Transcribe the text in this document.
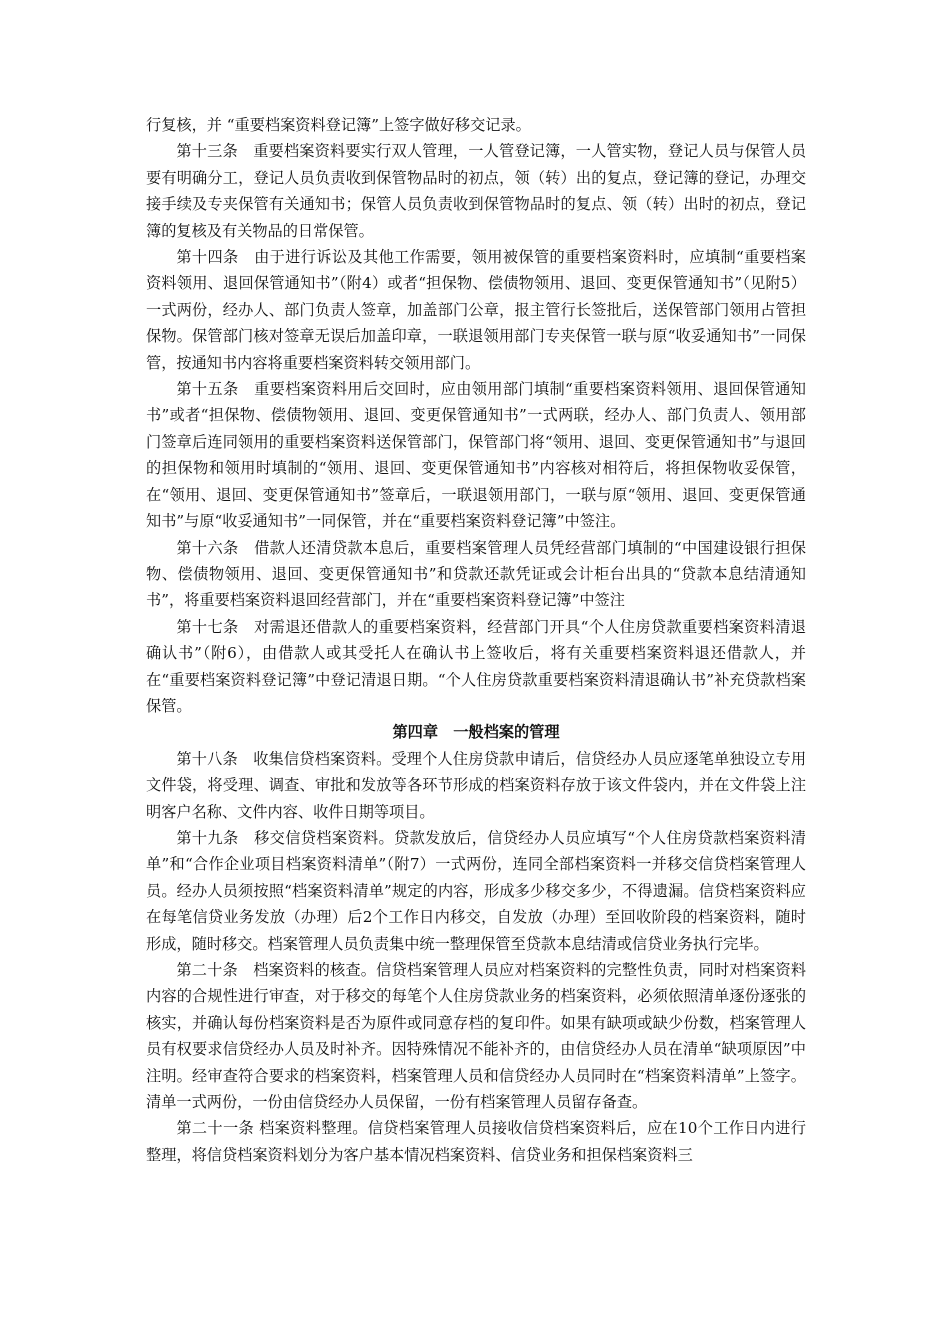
行复核，并 “重要档案资料登记簿”上签字做好移交记录。

第十三条　重要档案资料要实行双人管理，一人管登记簿，一人管实物，登记人员与保管人员要有明确分工，登记人员负责收到保管物品时的初点，领（转）出的复点，登记簿的登记，办理交接手续及专夹保管有关通知书；保管人员负责收到保管物品时的复点、领（转）出时的初点，登记簿的复核及有关物品的日常保管。

第十四条　由于进行诉讼及其他工作需要，领用被保管的重要档案资料时，应填制“重要档案资料领用、退回保管通知书”（附4）或者“担保物、偿债物领用、退回、变更保管通知书”（见附5）一式两份，经办人、部门负责人签章，加盖部门公章，报主管行长签批后，送保管部门领用占管担保物。保管部门核对签章无误后加盖印章，一联退领用部门专夹保管一联与原“收妥通知书”一同保管，按通知书内容将重要档案资料转交领用部门。

第十五条　重要档案资料用后交回时，应由领用部门填制“重要档案资料领用、退回保管通知书”或者“担保物、偿债物领用、退回、变更保管通知书”一式两联，经办人、部门负责人、领用部门签章后连同领用的重要档案资料送保管部门，保管部门将“领用、退回、变更保管通知书”与退回的担保物和领用时填制的“领用、退回、变更保管通知书”内容核对相符后，将担保物收妥保管，在“领用、退回、变更保管通知书”签章后，一联退领用部门，一联与原“领用、退回、变更保管通知书”与原“收妥通知书”一同保管，并在“重要档案资料登记簿”中签注。

第十六条　借款人还清贷款本息后，重要档案管理人员凭经营部门填制的“中国建设银行担保物、偿债物领用、退回、变更保管通知书”和贷款还款凭证或会计柜台出具的“贷款本息结清通知书”，将重要档案资料退回经营部门，并在“重要档案资料登记簿”中签注

第十七条　对需退还借款人的重要档案资料，经营部门开具“个人住房贷款重要档案资料清退确认书”（附6），由借款人或其受托人在确认书上签收后，将有关重要档案资料退还借款人，并在“重要档案资料登记簿”中登记清退日期。“个人住房贷款重要档案资料清退确认书”补充贷款档案保管。

第四章　一般档案的管理

第十八条　收集信贷档案资料。受理个人住房贷款申请后，信贷经办人员应逐笔单独设立专用文件袋，将受理、调查、审批和发放等各环节形成的档案资料存放于该文件袋内，并在文件袋上注明客户名称、文件内容、收件日期等项目。

第十九条　移交信贷档案资料。贷款发放后，信贷经办人员应填写“个人住房贷款档案资料清单”和“合作企业项目档案资料清单”（附7）一式两份，连同全部档案资料一并移交信贷档案管理人员。经办人员须按照“档案资料清单”规定的内容，形成多少移交多少，不得遗漏。信贷档案资料应在每笔信贷业务发放（办理）后2个工作日内移交，自发放（办理）至回收阶段的档案资料，随时形成，随时移交。档案管理人员负责集中统一整理保管至贷款本息结清或信贷业务执行完毕。

第二十条　档案资料的核查。信贷档案管理人员应对档案资料的完整性负责，同时对档案资料内容的合规性进行审查，对于移交的每笔个人住房贷款业务的档案资料，必须依照清单逐份逐张的核实，并确认每份档案资料是否为原件或同意存档的复印件。如果有缺项或缺少份数，档案管理人员有权要求信贷经办人员及时补齐。因特殊情况不能补齐的，由信贷经办人员在清单“缺项原因”中注明。经审查符合要求的档案资料，档案管理人员和信贷经办人员同时在“档案资料清单”上签字。清单一式两份，一份由信贷经办人员保留，一份有档案管理人员留存备查。

第二十一条 档案资料整理。信贷档案管理人员接收信贷档案资料后，应在10个工作日内进行整理，将信贷档案资料划分为客户基本情况档案资料、信贷业务和担保档案资料三
